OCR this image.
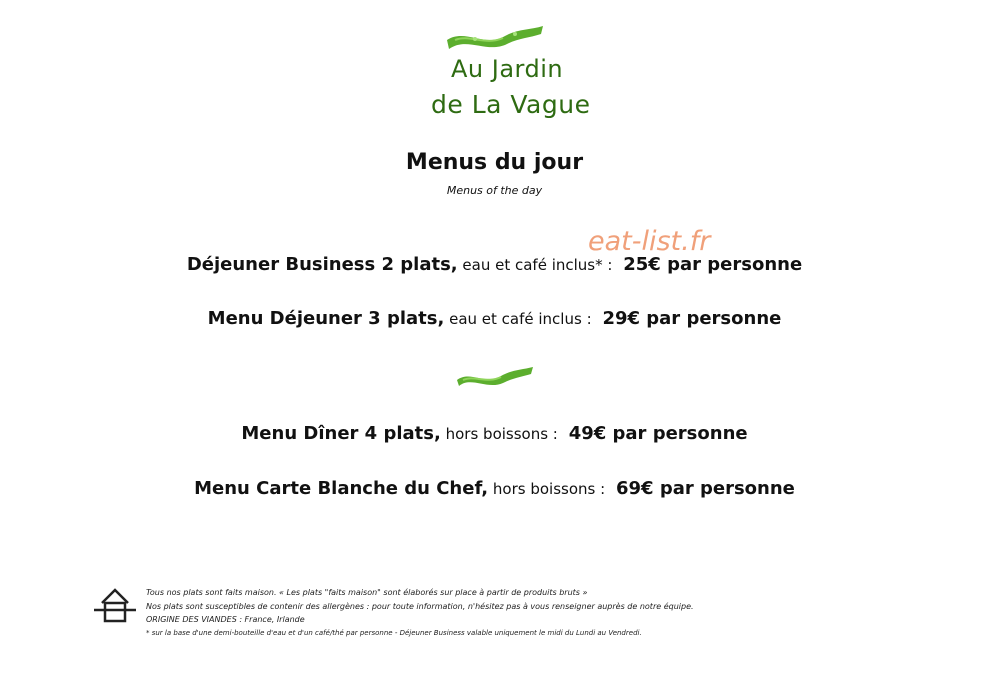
Au Jardin
de La Vague
Menus du jour
Menus of the day
eat-list.fr
Déjeuner Business 2 plats, eau et café inclus* : 25€ par personne
Menu Déjeuner 3 plats, eau et café inclus : 29€ par personne
Menu Dîner 4 plats, hors boissons : 49€ par personne
Menu Carte Blanche du Chef, hors boissons : 69€ par personne
Tous nos plats sont faits maison. « Les plats "faits maison" sont élaborés sur place à partir de produits bruts »
Nos plats sont susceptibles de contenir des allergènes : pour toute information, n'hésitez pas à vous renseigner auprès de notre équipe.
ORIGINE DES VIANDES : France, Irlande
* sur la base d'une demi-bouteille d'eau et d'un café/thé par personne - Déjeuner Business valable uniquement le midi du Lundi au Vendredi.
